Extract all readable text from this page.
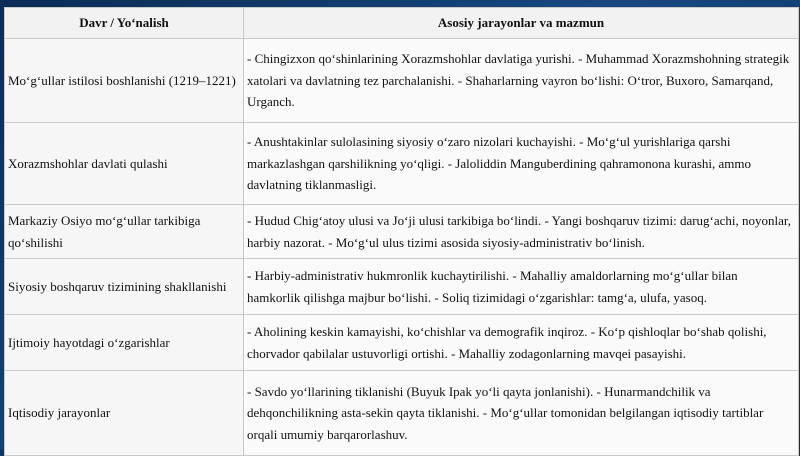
Davr / Yo‘nalish	Asosiy jarayonlar va mazmun
Mo‘g‘ullar istilosi boshlanishi (1219–1221)	- Chingizxon qo‘shinlarining Xorazmshohlar davlatiga yurishi. - Muhammad Xorazmshohning strategik xatolari va davlatning tez parchalanishi. - Shaharlarning vayron bo‘lishi: O‘tror, Buxoro, Samarqand, Urganch.
Xorazmshohlar davlati qulashi	- Anushtakinlar sulolasining siyosiy o‘zaro nizolari kuchayishi. - Mo‘g‘ul yurishlariga qarshi markazlashgan qarshilikning yo‘qligi. - Jaloliddin Manguberdining qahramonona kurashi, ammo davlatning tiklanmasligi.
Markaziy Osiyo mo‘g‘ullar tarkibiga qo‘shilishi	- Hudud Chig‘atoy ulusi va Jo‘ji ulusi tarkibiga bo‘lindi. - Yangi boshqaruv tizimi: darug‘achi, noyonlar, harbiy nazorat. - Mo‘g‘ul ulus tizimi asosida siyosiy-administrativ bo‘linish.
Siyosiy boshqaruv tizimining shakllanishi	- Harbiy-administrativ hukmronlik kuchaytirilishi. - Mahalliy amaldorlarning mo‘g‘ullar bilan hamkorlik qilishga majbur bo‘lishi. - Soliq tizimidagi o‘zgarishlar: tamg‘a, ulufa, yasoq.
Ijtimoiy hayotdagi o‘zgarishlar	- Aholining keskin kamayishi, ko‘chishlar va demografik inqiroz. - Ko‘p qishloqlar bo‘shab qolishi, chorvador qabilalar ustuvorligi ortishi. - Mahalliy zodagonlarning mavqei pasayishi.
Iqtisodiy jarayonlar	- Savdo yo‘llarining tiklanishi (Buyuk Ipak yo‘li qayta jonlanishi). - Hunarmandchilik va dehqonchilikning asta-sekin qayta tiklanishi. - Mo‘g‘ullar tomonidan belgilangan iqtisodiy tartiblar orqali umumiy barqarorlashuv.
